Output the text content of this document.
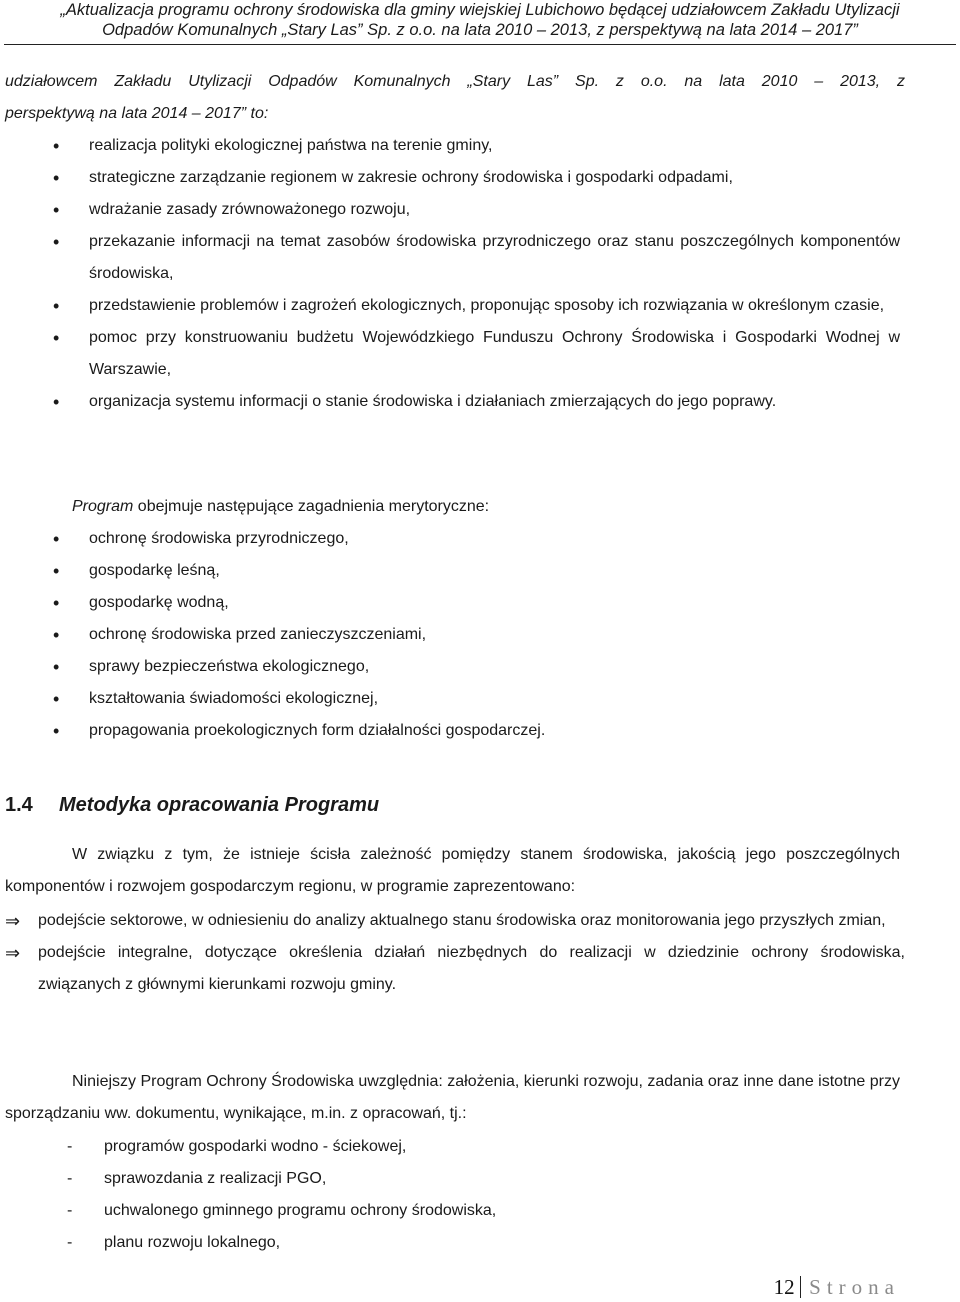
„Aktualizacja programu ochrony środowiska dla gminy wiejskiej Lubichowo będącej udziałowcem Zakładu Utylizacji
Odpadów Komunalnych „Stary Las” Sp. z o.o. na lata 2010 – 2013, z perspektywą na lata 2014 – 2017”
udziałowcem Zakładu Utylizacji Odpadów Komunalnych „Stary Las” Sp. z o.o. na lata 2010 – 2013, z
perspektywą na lata 2014 – 2017” to:
• realizacja polityki ekologicznej państwa na terenie gminy,
• strategiczne zarządzanie regionem w zakresie ochrony środowiska i gospodarki odpadami,
• wdrażanie zasady zrównoważonego rozwoju,
• przekazanie informacji na temat zasobów środowiska przyrodniczego oraz stanu poszczególnych komponentów środowiska,
• przedstawienie problemów i zagrożeń ekologicznych, proponując sposoby ich rozwiązania w określonym czasie,
• pomoc przy konstruowaniu budżetu Wojewódzkiego Funduszu Ochrony Środowiska i Gospodarki Wodnej w Warszawie,
• organizacja systemu informacji o stanie środowiska i działaniach zmierzających do jego poprawy.
Program obejmuje następujące zagadnienia merytoryczne:
• ochronę środowiska przyrodniczego,
• gospodarkę leśną,
• gospodarkę wodną,
• ochronę środowiska przed zanieczyszczeniami,
• sprawy bezpieczeństwa ekologicznego,
• kształtowania świadomości ekologicznej,
• propagowania proekologicznych form działalności gospodarczej.
1.4 Metodyka opracowania Programu
W związku z tym, że istnieje ścisła zależność pomiędzy stanem środowiska, jakością jego poszczególnych komponentów i rozwojem gospodarczym regionu, w programie zaprezentowano:
⇒ podejście sektorowe, w odniesieniu do analizy aktualnego stanu środowiska oraz monitorowania jego przyszłych zmian,
⇒ podejście integralne, dotyczące określenia działań niezbędnych do realizacji w dziedzinie ochrony środowiska, związanych z głównymi kierunkami rozwoju gminy.
Niniejszy Program Ochrony Środowiska uwzględnia: założenia, kierunki rozwoju, zadania oraz inne dane istotne przy sporządzaniu ww. dokumentu, wynikające, m.in. z opracowań, tj.:
- programów gospodarki wodno - ściekowej,
- sprawozdania z realizacji PGO,
- uchwalonego gminnego programu ochrony środowiska,
- planu rozwoju lokalnego,
12 Strona
